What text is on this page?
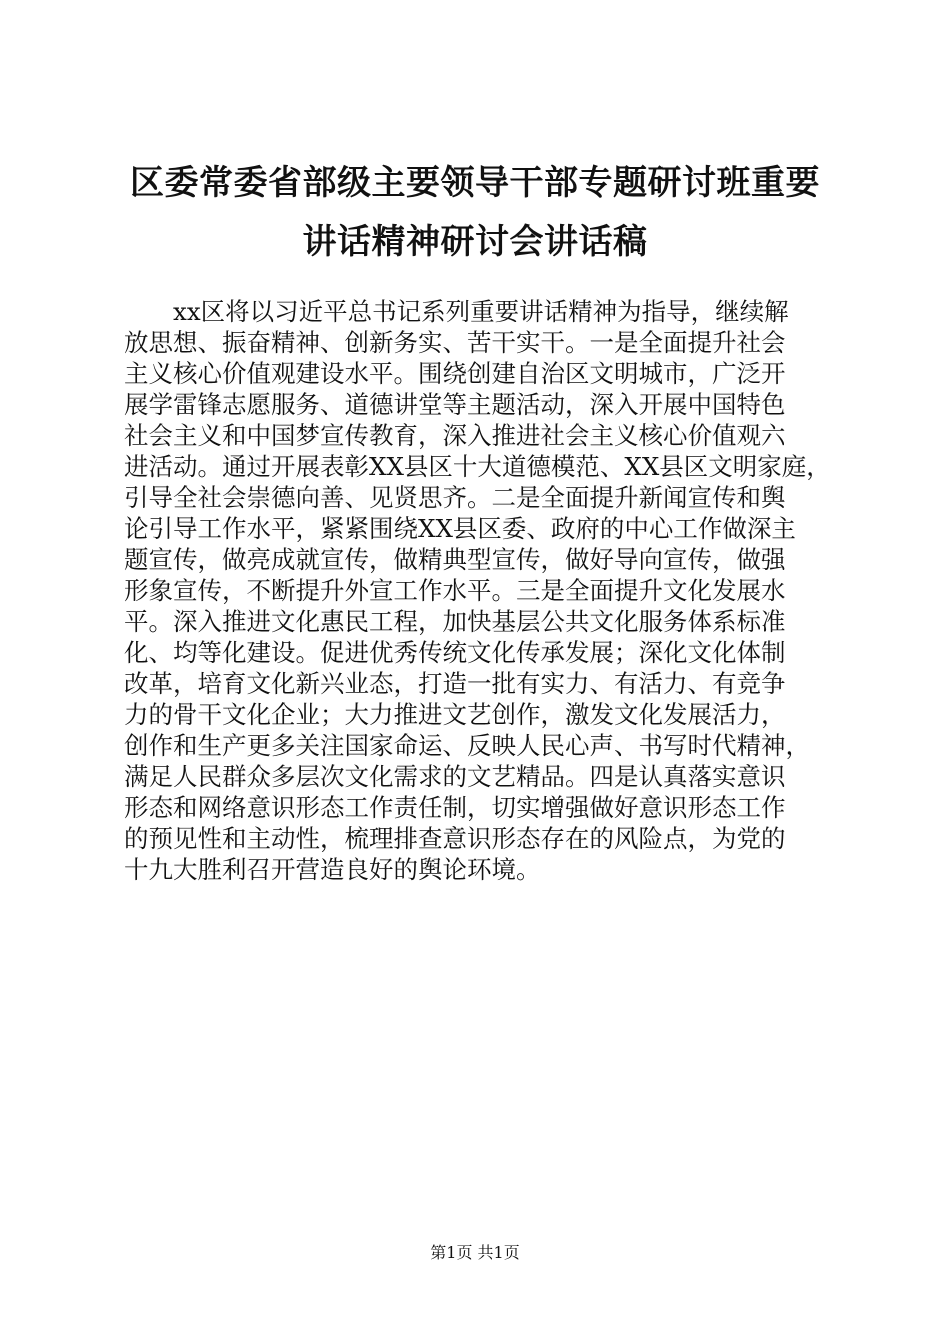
区委常委省部级主要领导干部专题研讨班重要
讲话精神研讨会讲话稿
　　xx区将以习近平总书记系列重要讲话精神为指导，继续解
放思想、振奋精神、创新务实、苦干实干。一是全面提升社会
主义核心价值观建设水平。围绕创建自治区文明城市，广泛开
展学雷锋志愿服务、道德讲堂等主题活动，深入开展中国特色
社会主义和中国梦宣传教育，深入推进社会主义核心价值观六
进活动。通过开展表彰XX县区十大道德模范、XX县区文明家庭，
引导全社会崇德向善、见贤思齐。二是全面提升新闻宣传和舆
论引导工作水平，紧紧围绕XX县区委、政府的中心工作做深主
题宣传，做亮成就宣传，做精典型宣传，做好导向宣传，做强
形象宣传，不断提升外宣工作水平。三是全面提升文化发展水
平。深入推进文化惠民工程，加快基层公共文化服务体系标准
化、均等化建设。促进优秀传统文化传承发展；深化文化体制
改革，培育文化新兴业态，打造一批有实力、有活力、有竞争
力的骨干文化企业；大力推进文艺创作，激发文化发展活力，
创作和生产更多关注国家命运、反映人民心声、书写时代精神，
满足人民群众多层次文化需求的文艺精品。四是认真落实意识
形态和网络意识形态工作责任制，切实增强做好意识形态工作
的预见性和主动性，梳理排查意识形态存在的风险点，为党的
十九大胜利召开营造良好的舆论环境。
第1页 共1页
